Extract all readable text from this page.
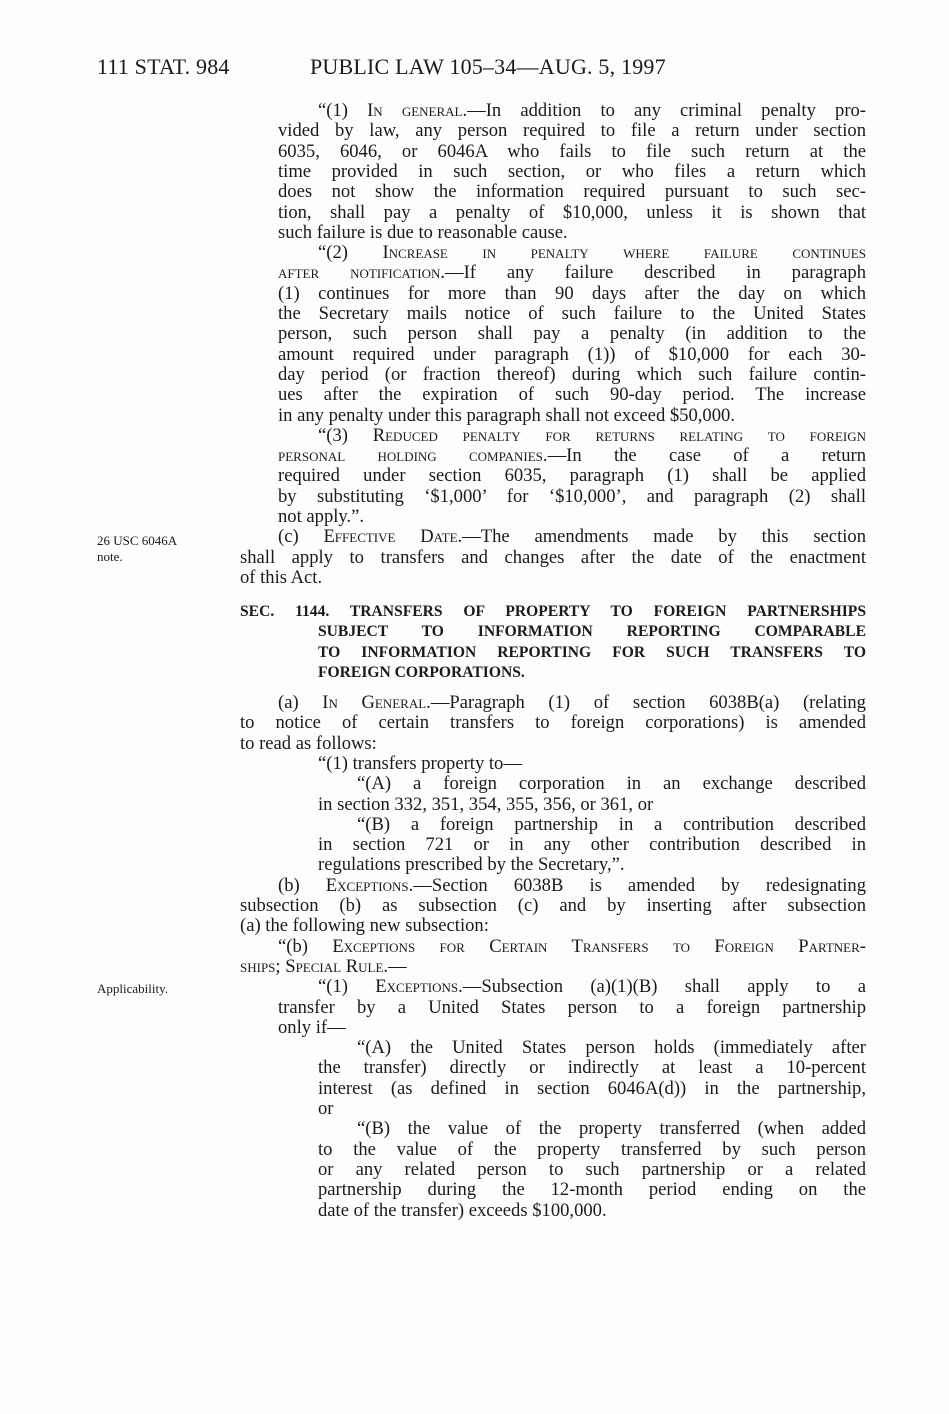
111 STAT. 984	PUBLIC LAW 105–34—AUG. 5, 1997
26 USC 6046A
note.
Applicability.
“(1) In general.—In addition to any criminal penalty pro-
vided by law, any person required to file a return under section
6035, 6046, or 6046A who fails to file such return at the
time provided in such section, or who files a return which
does not show the information required pursuant to such sec-
tion, shall pay a penalty of $10,000, unless it is shown that
such failure is due to reasonable cause.
“(2) Increase in penalty where failure continues
after notification.—If any failure described in paragraph
(1) continues for more than 90 days after the day on which
the Secretary mails notice of such failure to the United States
person, such person shall pay a penalty (in addition to the
amount required under paragraph (1)) of $10,000 for each 30-
day period (or fraction thereof) during which such failure contin-
ues after the expiration of such 90-day period. The increase
in any penalty under this paragraph shall not exceed $50,000.
“(3) Reduced penalty for returns relating to foreign
personal holding companies.—In the case of a return
required under section 6035, paragraph (1) shall be applied
by substituting ‘$1,000’ for ‘$10,000’, and paragraph (2) shall
not apply.”.
(c) Effective Date.—The amendments made by this section
shall apply to transfers and changes after the date of the enactment
of this Act.
SEC. 1144. TRANSFERS OF PROPERTY TO FOREIGN PARTNERSHIPS
SUBJECT TO INFORMATION REPORTING COMPARABLE
TO INFORMATION REPORTING FOR SUCH TRANSFERS TO
FOREIGN CORPORATIONS.
(a) In General.—Paragraph (1) of section 6038B(a) (relating
to notice of certain transfers to foreign corporations) is amended
to read as follows:
“(1) transfers property to—
“(A) a foreign corporation in an exchange described
in section 332, 351, 354, 355, 356, or 361, or
“(B) a foreign partnership in a contribution described
in section 721 or in any other contribution described in
regulations prescribed by the Secretary,”.
(b) Exceptions.—Section 6038B is amended by redesignating
subsection (b) as subsection (c) and by inserting after subsection
(a) the following new subsection:
“(b) Exceptions for Certain Transfers to Foreign Partner-
ships; Special Rule.—
“(1) Exceptions.—Subsection (a)(1)(B) shall apply to a
transfer by a United States person to a foreign partnership
only if—
“(A) the United States person holds (immediately after
the transfer) directly or indirectly at least a 10-percent
interest (as defined in section 6046A(d)) in the partnership,
or
“(B) the value of the property transferred (when added
to the value of the property transferred by such person
or any related person to such partnership or a related
partnership during the 12-month period ending on the
date of the transfer) exceeds $100,000.
